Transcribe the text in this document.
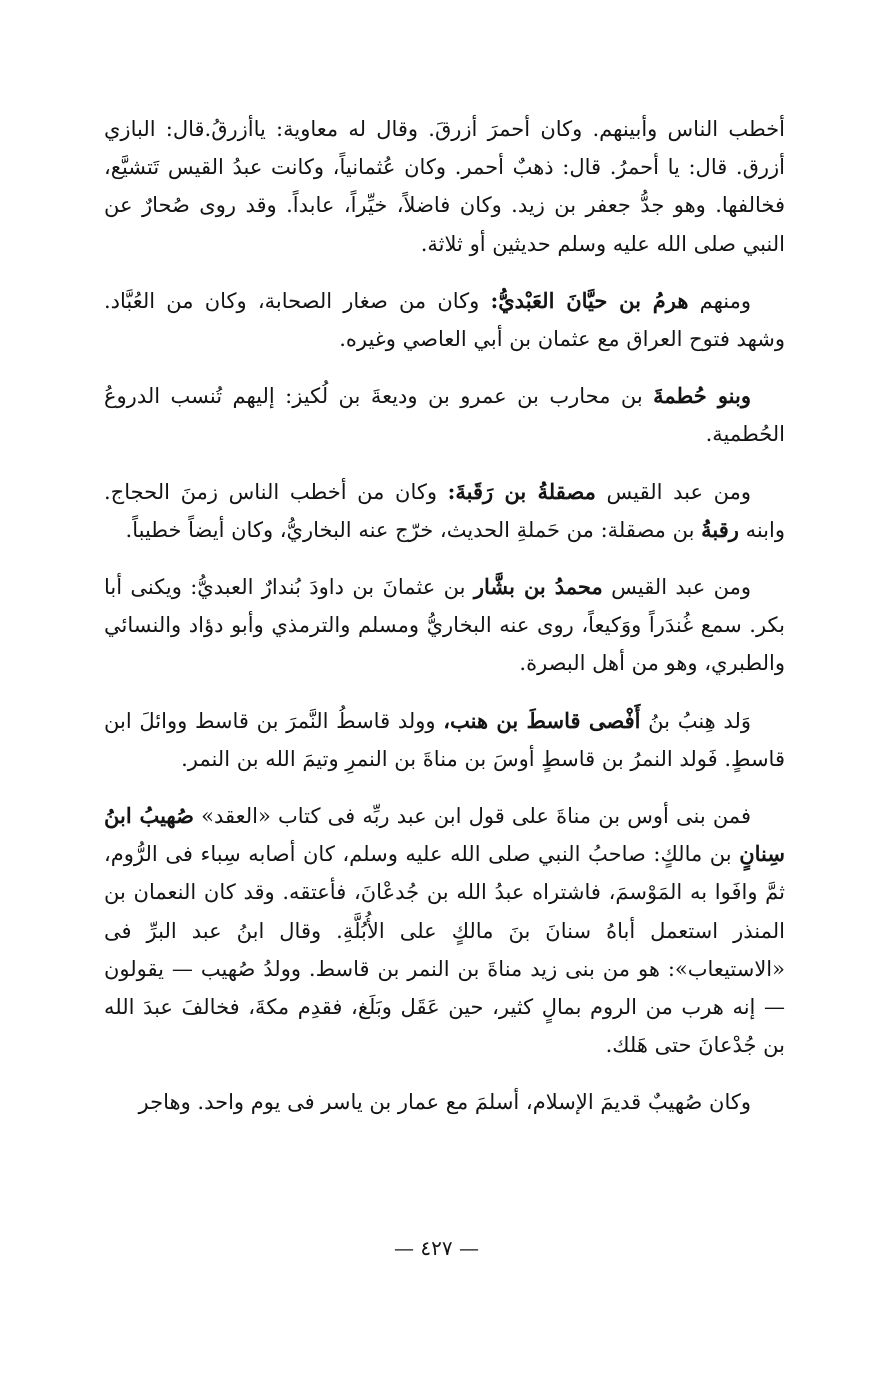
أخطب الناس وأبينهم. وكان أحمرَ أزرقَ. وقال له معاوية: ياأزرقُ.قال: البازي أزرق. قال: يا أحمرُ. قال: ذهبٌ أحمر. وكان عُثمانياً، وكانت عبدُ القيس تَتشيَّع، فخالفها. وهو جدُّ جعفر بن زيد. وكان فاضلاً، خيِّراً، عابداً. وقد روى صُحارٌ عن النبي صلى الله عليه وسلم حديثين أو ثلاثة.

ومنهم هرمُ بن حيَّانَ العَبْديُّ: وكان من صغار الصحابة، وكان من العُبَّاد. وشهد فتوح العراق مع عثمان بن أبي العاصي وغيره.

وبنو حُطمةَ بن محارب بن عمرو بن وديعةَ بن لُكيز: إليهم تُنسب الدروعُ الحُطمية.

ومن عبد القيس مصقلةُ بن رَقَبةَ: وكان من أخطب الناس زمنَ الحجاج. وابنه رقبةُ بن مصقلة: من حَملةِ الحديث، خرّج عنه البخاريُّ، وكان أيضاً خطيباً.

ومن عبد القيس محمدُ بن بشَّار بن عثمانَ بن داودَ بُندارٌ العبديُّ: ويكنى أبا بكر. سمع غُندَراً ووَكيعاً، روى عنه البخاريُّ ومسلم والترمذي وأبو دؤاد والنسائي والطبري، وهو من أهل البصرة.

وَلد هِنبُ بنُ أَفْصى قاسطَ بن هنب، وولد قاسطُ النَّمرَ بن قاسط ووائلَ ابن قاسطٍ. فَولد النمرُ بن قاسطٍ أوسَ بن مناةَ بن النمرِ وتيمَ الله بن النمر.

فمن بنى أوس بن مناةَ على قول ابن عبد ربِّه فى كتاب «العقد» صُهيبُ ابنُ سِنانٍ بن مالكٍ: صاحبُ النبي صلى الله عليه وسلم، كان أصابه سِباء فى الرُّوم، ثمَّ وافَوا به المَوْسمَ، فاشتراه عبدُ الله بن جُدعْانَ، فأعتقه. وقد كان النعمان بن المنذر استعمل أباهُ سنانَ بنَ مالكٍ على الأُبُلَّةِ. وقال ابنُ عبد البرِّ فى «الاستيعاب»: هو من بنى زيد مناةَ بن النمر بن قاسط. وولدُ صُهيب — يقولون — إنه هرب من الروم بمالٍ كثير، حين عَقَل وبَلَغ، فقدِم مكةَ، فخالفَ عبدَ الله بن جُدْعانَ حتى هَلك.

وكان صُهيبٌ قديمَ الإسلام، أسلمَ مع عمار بن ياسر فى يوم واحد. وهاجر

— ٤٢٧ —
